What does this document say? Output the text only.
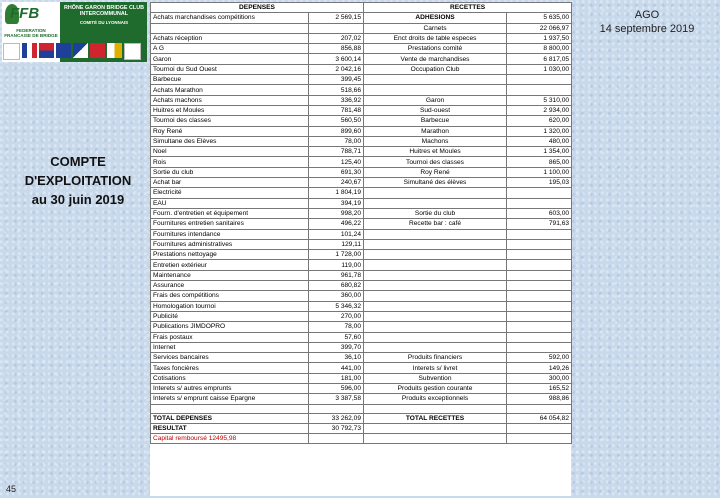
FFB
FEDERATION FRANCAISE DE BRIDGE
RHÔNE GARON BRIDGE CLUB INTERCOMMUNAL
COMITÉ DU LYONNAIS
AGO
14 septembre 2019
COMPTE
D'EXPLOITATION
au 30 juin 2019
45
DEPENSES		RECETTES	
Achats marchandises compétitions	2 569,15	ADHESIONS	5 635,00
		Carnets	22 066,97
Achats réception	207,02	Enct droits de table especes	1 937,50
A G	856,88	Prestations comité	8 800,00
Garon	3 600,14	Vente de marchandises	6 817,05
Tournoi du Sud Ouest	2 042,16	Occupation Club	1 030,00
Barbecue	399,45		
Achats Marathon	518,66		
Achats machons	336,92	Garon	5 310,00
Huitres et Moules	781,48	Sud-ouest	2 934,00
Tournoi des classes	560,50	Barbecue	620,00
Roy René	899,60	Marathon	1 320,00
Simultane des Elèves	78,00	Machons	480,00
Noel	788,71	Huitres et Moules	1 354,00
Rois	125,40	Tournoi des classes	865,00
Sortie du club	691,30	Roy René	1 100,00
Achat bar	240,67	Simultané des élèves	195,03
Electricité	1 804,19		
EAU	394,19		
Fourn. d'entretien et équipement	998,20	Sortie du club	603,00
Fournitures entretien sanitaires	496,22	Recette bar : café	791,63
Fournitures intendance	101,24		
Fournitures administratives	129,11		
Prestations nettoyage	1 728,00		
Entretien extérieur	119,00		
Maintenance	961,78		
Assurance	680,82		
Frais des compétitions	360,00		
Homologation tournoi	5 346,32		
Publicité	270,00		
Publications JIMDOPRO	78,00		
Frais postaux	57,60		
Internet	399,70		
Services bancaires	36,10	Produits financiers	592,00
Taxes foncières	441,00	Interets s/ livret	149,26
Cotisations	181,00	Subvention	300,00
Interets s/ autres emprunts	596,00	Produits gestion courante	165,52
Interets s/ emprunt caisse Epargne	3 387,58	Produits exceptionnels	988,86

TOTAL DEPENSES	33 262,09	TOTAL RECETTES	64 054,82
RESULTAT	30 792,73		
Capital remboursé 12495,98			
